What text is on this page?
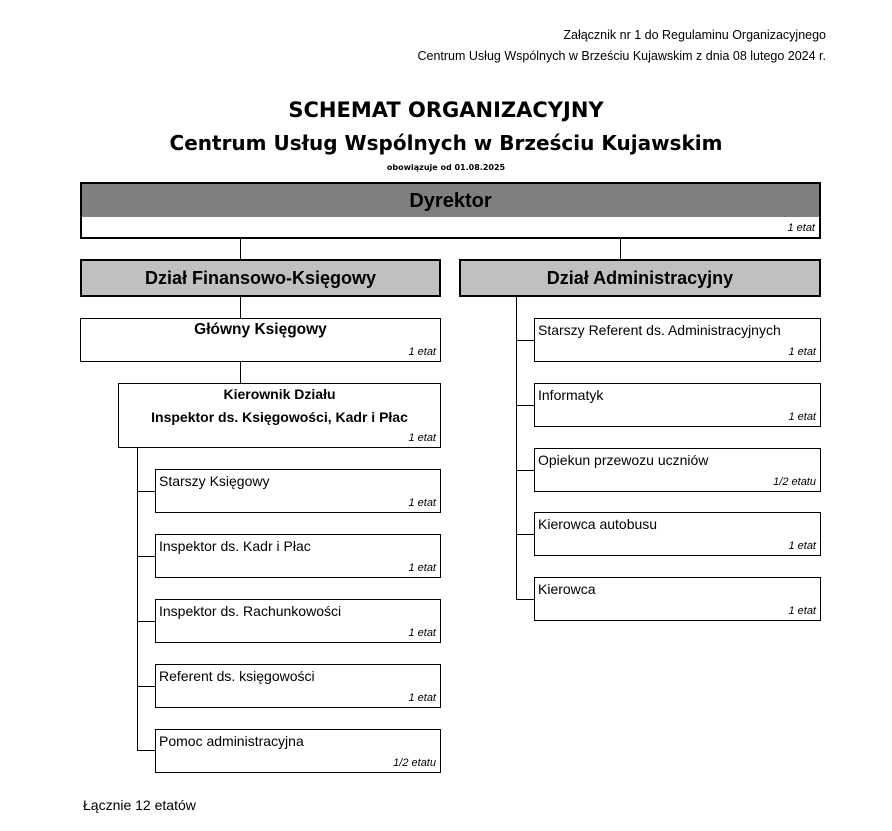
Załącznik nr 1 do Regulaminu Organizacyjnego
Centrum Usług Wspólnych w Brześciu Kujawskim z dnia 08 lutego 2024 r.
SCHEMAT ORGANIZACYJNY
Centrum Usług Wspólnych w Brześciu Kujawskim
obowiązuje od 01.08.2025
Dyrektor
1 etat
Dział Finansowo-Księgowy	Dział Administracyjny
Główny Księgowy
1 etat
Kierownik Działu
Inspektor ds. Księgowości, Kadr i Płac
1 etat
Starszy Księgowy
1 etat
Inspektor ds. Kadr i Płac
1 etat
Inspektor ds. Rachunkowości
1 etat
Referent ds. księgowości
1 etat
Pomoc administracyjna
1/2 etatu
Starszy Referent ds. Administracyjnych
1 etat
Informatyk
1 etat
Opiekun przewozu uczniów
1/2 etatu
Kierowca autobusu
1 etat
Kierowca
1 etat
Łącznie 12 etatów
